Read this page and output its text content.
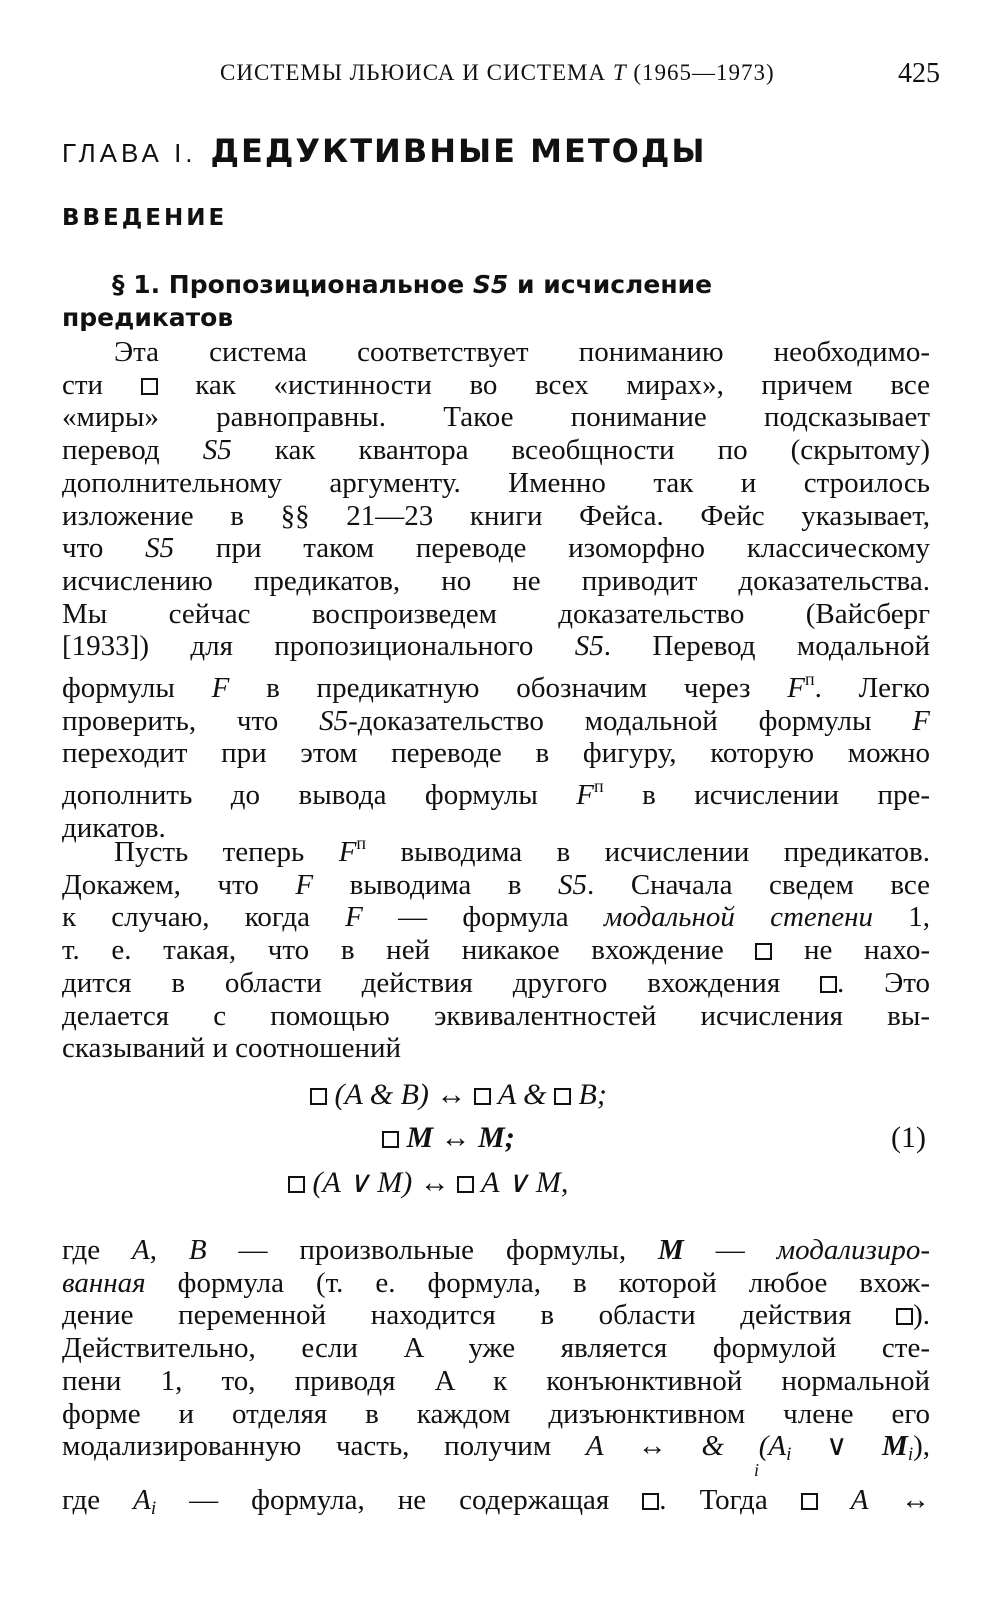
СИСТЕМЫ ЛЬЮИСА И СИСТЕМА T (1965—1973)	425
ГЛАВА I. ДЕДУКТИВНЫЕ МЕТОДЫ
ВВЕДЕНИЕ
§ 1. Пропозициональное S5 и исчисление
предикатов
Эта система соответствует пониманию необходимо-
сти  как «истинности во всех мирах», причем все
«миры» равноправны. Такое понимание подсказывает
перевод S5 как квантора всеобщности по (скрытому)
дополнительному аргументу. Именно так и строилось
изложение в §§ 21—23 книги Фейса. Фейс указывает,
что S5 при таком переводе изоморфно классическому
исчислению предикатов, но не приводит доказательства.
Мы сейчас воспроизведем доказательство (Вайсберг
[1933]) для пропозиционального S5. Перевод модальной
формулы F в предикатную обозначим через $F^п$. Легко
проверить, что S5-доказательство модальной формулы F
переходит при этом переводе в фигуру, которую можно
дополнить до вывода формулы $F^п$ в исчислении пре-
дикатов.
Пусть теперь $F^п$ выводима в исчислении предикатов.
Докажем, что F выводима в S5. Сначала сведем все
к случаю, когда F — формула модальной степени 1,
т. е. такая, что в ней никакое вхождение  не нахо-
дится в области действия другого вхождения . Это
делается с помощью эквивалентностей исчисления вы-
сказываний и соотношений
(A & B) ↔  A &  B;
M ↔ M;
(A ∨ M) ↔  A ∨ M,
(1)
где A, B — произвольные формулы, M — модализиро-
ванная формула (т. е. формула, в которой любое вхож-
дение переменной находится в области действия ).
Действительно, если A уже является формулой сте-
пени 1, то, приводя A к конъюнктивной нормальной
форме и отделяя в каждом дизъюнктивном члене его
модализированную часть, получим A ↔ & ($A_i$ ∨ $M_i$),
i
где $A_i$ — формула, не содержащая . Тогда  A ↔
